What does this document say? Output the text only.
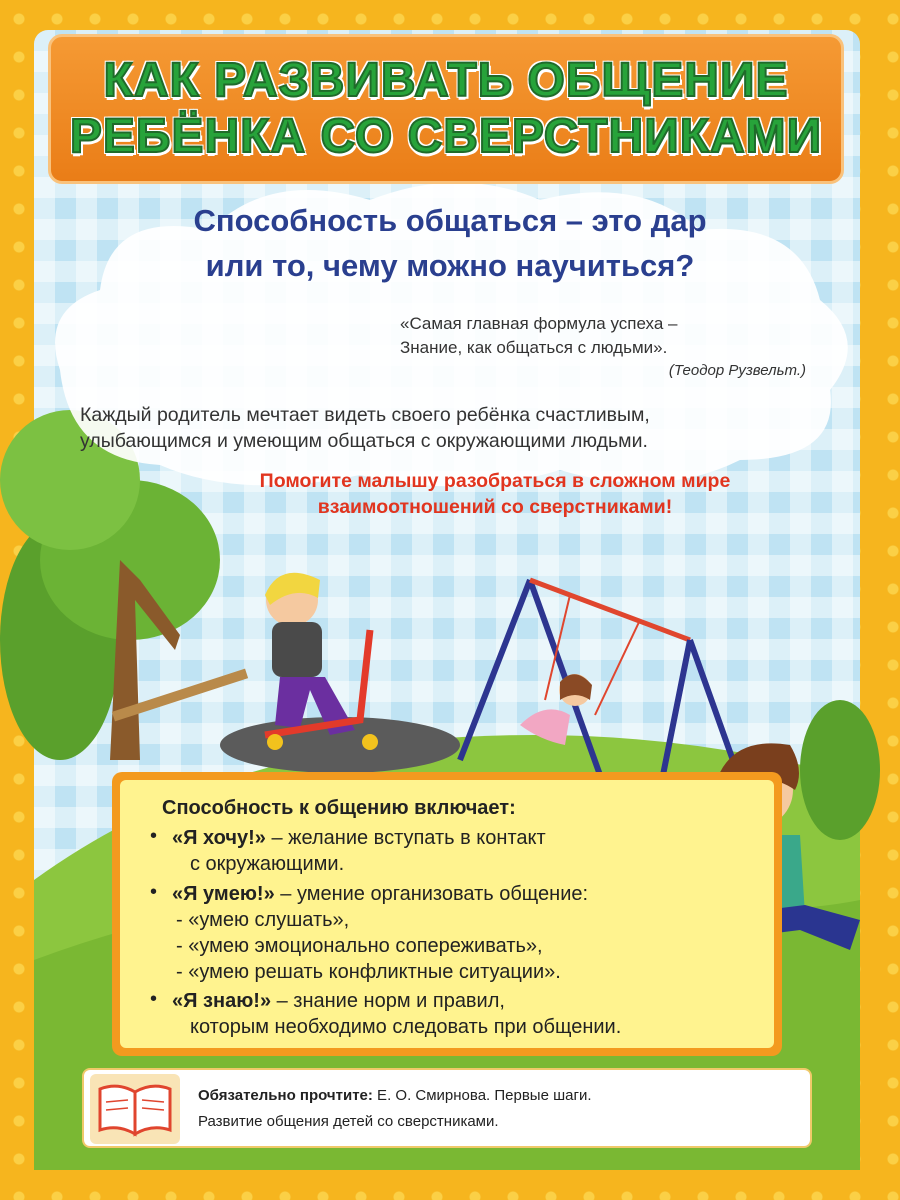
КАК РАЗВИВАТЬ ОБЩЕНИЕ
РЕБЁНКА СО СВЕРСТНИКАМИ
Способность общаться – это дар
или то, чему можно научиться?
«Самая главная формула успеха –
Знание, как общаться с людьми».
(Теодор Рузвельт.)
Каждый родитель мечтает видеть своего ребёнка счастливым,
улыбающимся и умеющим общаться с окружающими людьми.
Помогите малышу разобраться в сложном мире
взаимоотношений со сверстниками!
Способность к общению включает:
• «Я хочу!» – желание вступать в контакт
с окружающими.
• «Я умею!» – умение организовать общение:
- «умею слушать»,
- «умею эмоционально сопереживать»,
- «умею решать конфликтные ситуации».
• «Я знаю!» – знание норм и правил,
которым необходимо следовать при общении.
Обязательно прочтите: Е. О. Смирнова. Первые шаги.
Развитие общения детей со сверстниками.
